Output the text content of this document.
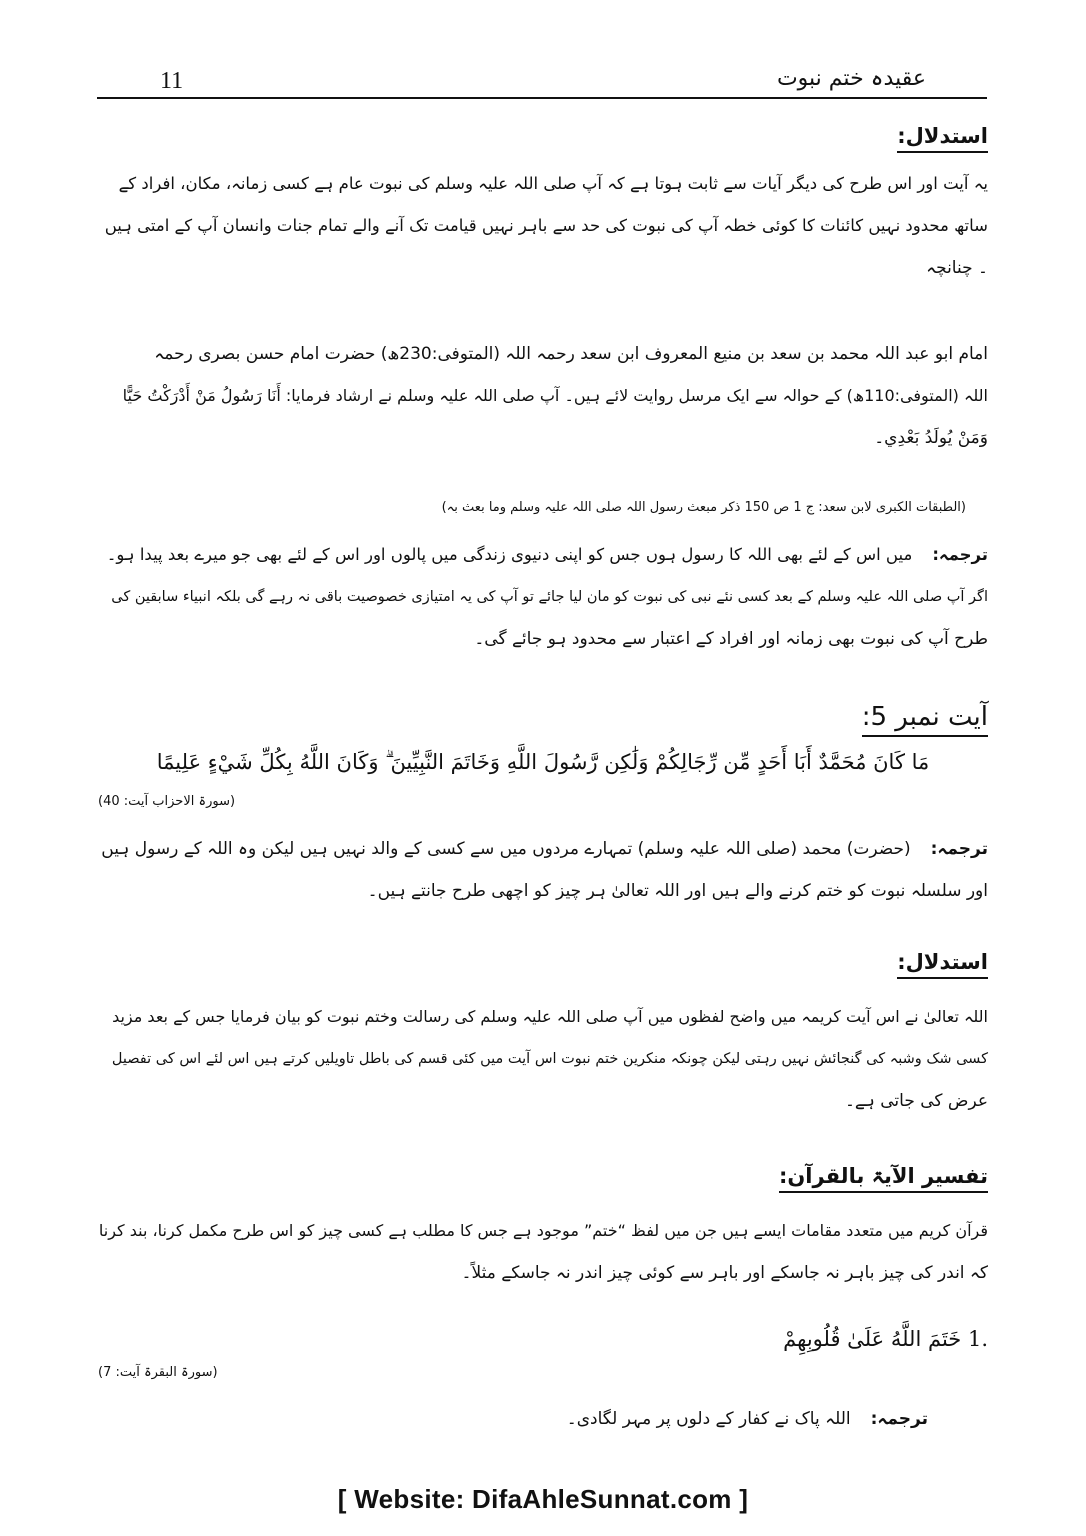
11	عقیدہ ختم نبوت
استدلال:
یہ آیت اور اس طرح کی دیگر آیات سے ثابت ہوتا ہے کہ آپ صلی اللہ علیہ وسلم کی نبوت عام ہے کسی زمانہ، مکان، افراد کے
ساتھ محدود نہیں کائنات کا کوئی خطہ آپ کی نبوت کی حد سے باہر نہیں قیامت تک آنے والے تمام جنات وانسان آپ کے امتی ہیں
۔ چنانچہ
امام ابو عبد اللہ محمد بن سعد بن منیع المعروف ابن سعد رحمہ اللہ (المتوفی:230ھ) حضرت امام حسن بصری رحمہ
اللہ (المتوفی:110ھ) کے حوالہ سے ایک مرسل روایت لائے ہیں۔ آپ صلی اللہ علیہ وسلم نے ارشاد فرمایا: أَنَا رَسُولُ مَنْ أَدْرَكْتُ حَيًّا
وَمَنْ يُولَدُ بَعْدِي۔
(الطبقات الکبری لابن سعد: ج 1 ص 150 ذکر مبعث رسول اللہ صلی اللہ علیہ وسلم وما بعث بہ)
ترجمہ:میں اس کے لئے بھی اللہ کا رسول ہوں جس کو اپنی دنیوی زندگی میں پالوں اور اس کے لئے بھی جو میرے بعد پیدا ہو۔
اگر آپ صلی اللہ علیہ وسلم کے بعد کسی نئے نبی کی نبوت کو مان لیا جائے تو آپ کی یہ امتیازی خصوصیت باقی نہ رہے گی بلکہ انبیاء سابقین کی
طرح آپ کی نبوت بھی زمانہ اور افراد کے اعتبار سے محدود ہو جائے گی۔
آیت نمبر 5:
مَا كَانَ مُحَمَّدٌ أَبَا أَحَدٍ مِّن رِّجَالِكُمْ وَلَٰكِن رَّسُولَ اللَّهِ وَخَاتَمَ النَّبِيِّينَ ۗ وَكَانَ اللَّهُ بِكُلِّ شَيْءٍ عَلِيمًا
(سورۃ الاحزاب آیت: 40)
ترجمہ:(حضرت) محمد (صلی اللہ علیہ وسلم) تمہارے مردوں میں سے کسی کے والد نہیں ہیں لیکن وہ اللہ کے رسول ہیں
اور سلسلہ نبوت کو ختم کرنے والے ہیں اور اللہ تعالیٰ ہر چیز کو اچھی طرح جانتے ہیں۔
استدلال:
اللہ تعالیٰ نے اس آیت کریمہ میں واضح لفظوں میں آپ صلی اللہ علیہ وسلم کی رسالت وختم نبوت کو بیان فرمایا جس کے بعد مزید
کسی شک وشبہ کی گنجائش نہیں رہتی لیکن چونکہ منکرین ختم نبوت اس آیت میں کئی قسم کی باطل تاویلیں کرتے ہیں اس لئے اس کی تفصیل
عرض کی جاتی ہے۔
تفسیر الآیۃ بالقرآن:
قرآن کریم میں متعدد مقامات ایسے ہیں جن میں لفظ “ختم” موجود ہے جس کا مطلب ہے کسی چیز کو اس طرح مکمل کرنا، بند کرنا
کہ اندر کی چیز باہر نہ جاسکے اور باہر سے کوئی چیز اندر نہ جاسکے مثلاً۔
1. خَتَمَ اللَّهُ عَلَىٰ قُلُوبِهِمْ
(سورۃ البقرۃ آیت: 7)
ترجمہ:اللہ پاک نے کفار کے دلوں پر مہر لگادی۔
[ Website: DifaAhleSunnat.com ]
